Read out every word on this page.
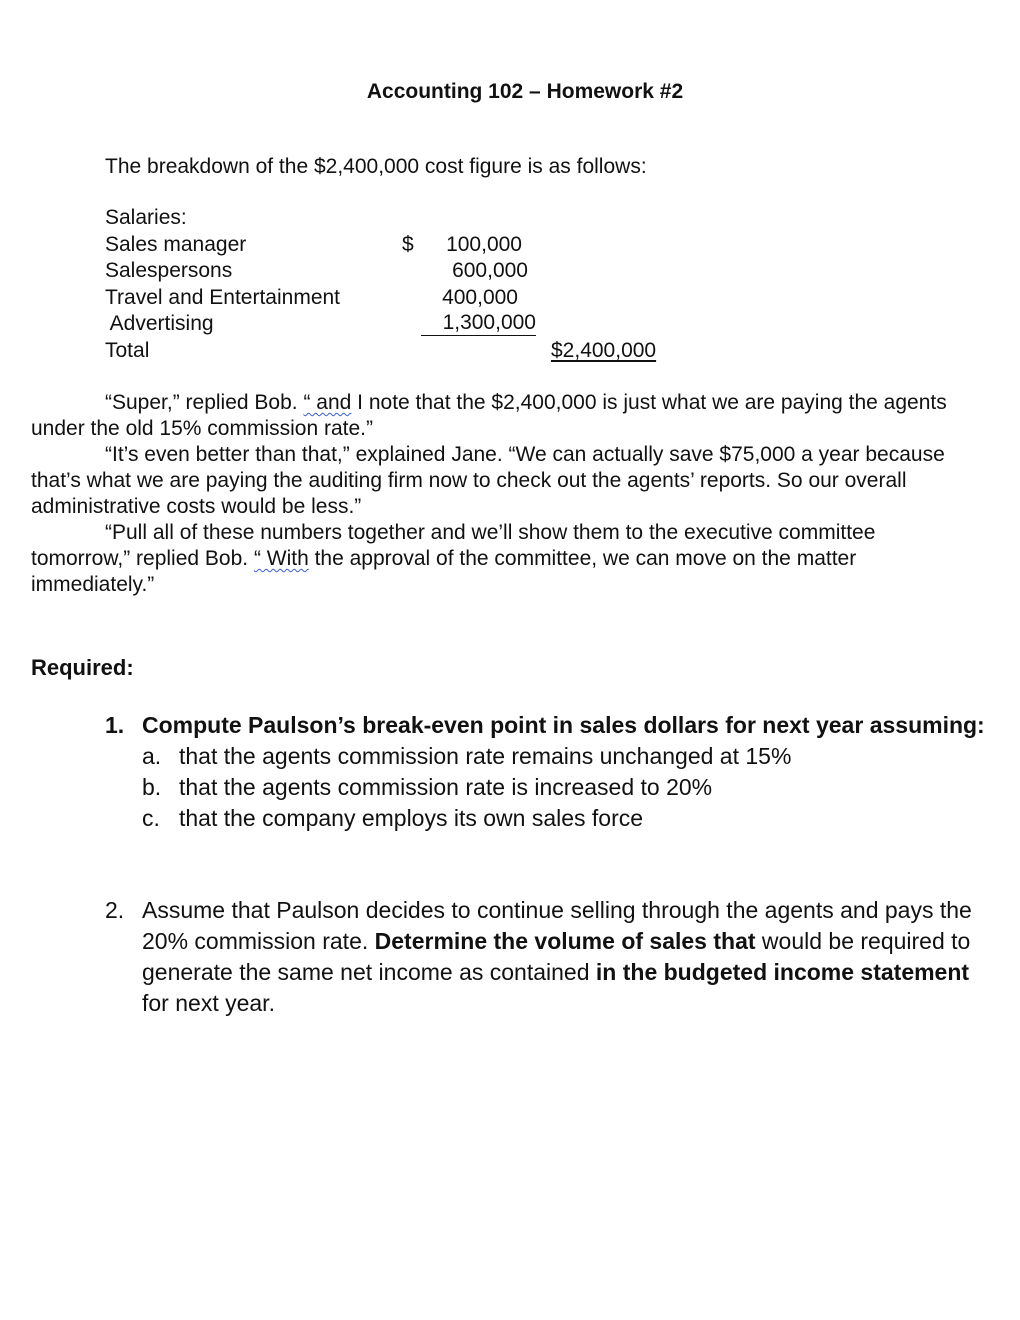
Accounting 102 – Homework #2
The breakdown of the $2,400,000 cost figure is as follows:
Salaries:
Sales manager	$	100,000
Salespersons	600,000
Travel and Entertainment	400,000
Advertising	1,300,000
Total	$2,400,000

“Super,” replied Bob. “ and I note that the $2,400,000 is just what we are paying the agents under the old 15% commission rate.”

“It’s even better than that,” explained Jane. “We can actually save $75,000 a year because that’s what we are paying the auditing firm now to check out the agents’ reports. So our overall administrative costs would be less.”

“Pull all of these numbers together and we’ll show them to the executive committee tomorrow,” replied Bob. “ With the approval of the committee, we can move on the matter immediately.”

Required:
1. Compute Paulson’s break-even point in sales dollars for next year assuming:
a. that the agents commission rate remains unchanged at 15%
b. that the agents commission rate is increased to 20%
c. that the company employs its own sales force
2. Assume that Paulson decides to continue selling through the agents and pays the 20% commission rate. Determine the volume of sales that would be required to generate the same net income as contained in the budgeted income statement for next year.
